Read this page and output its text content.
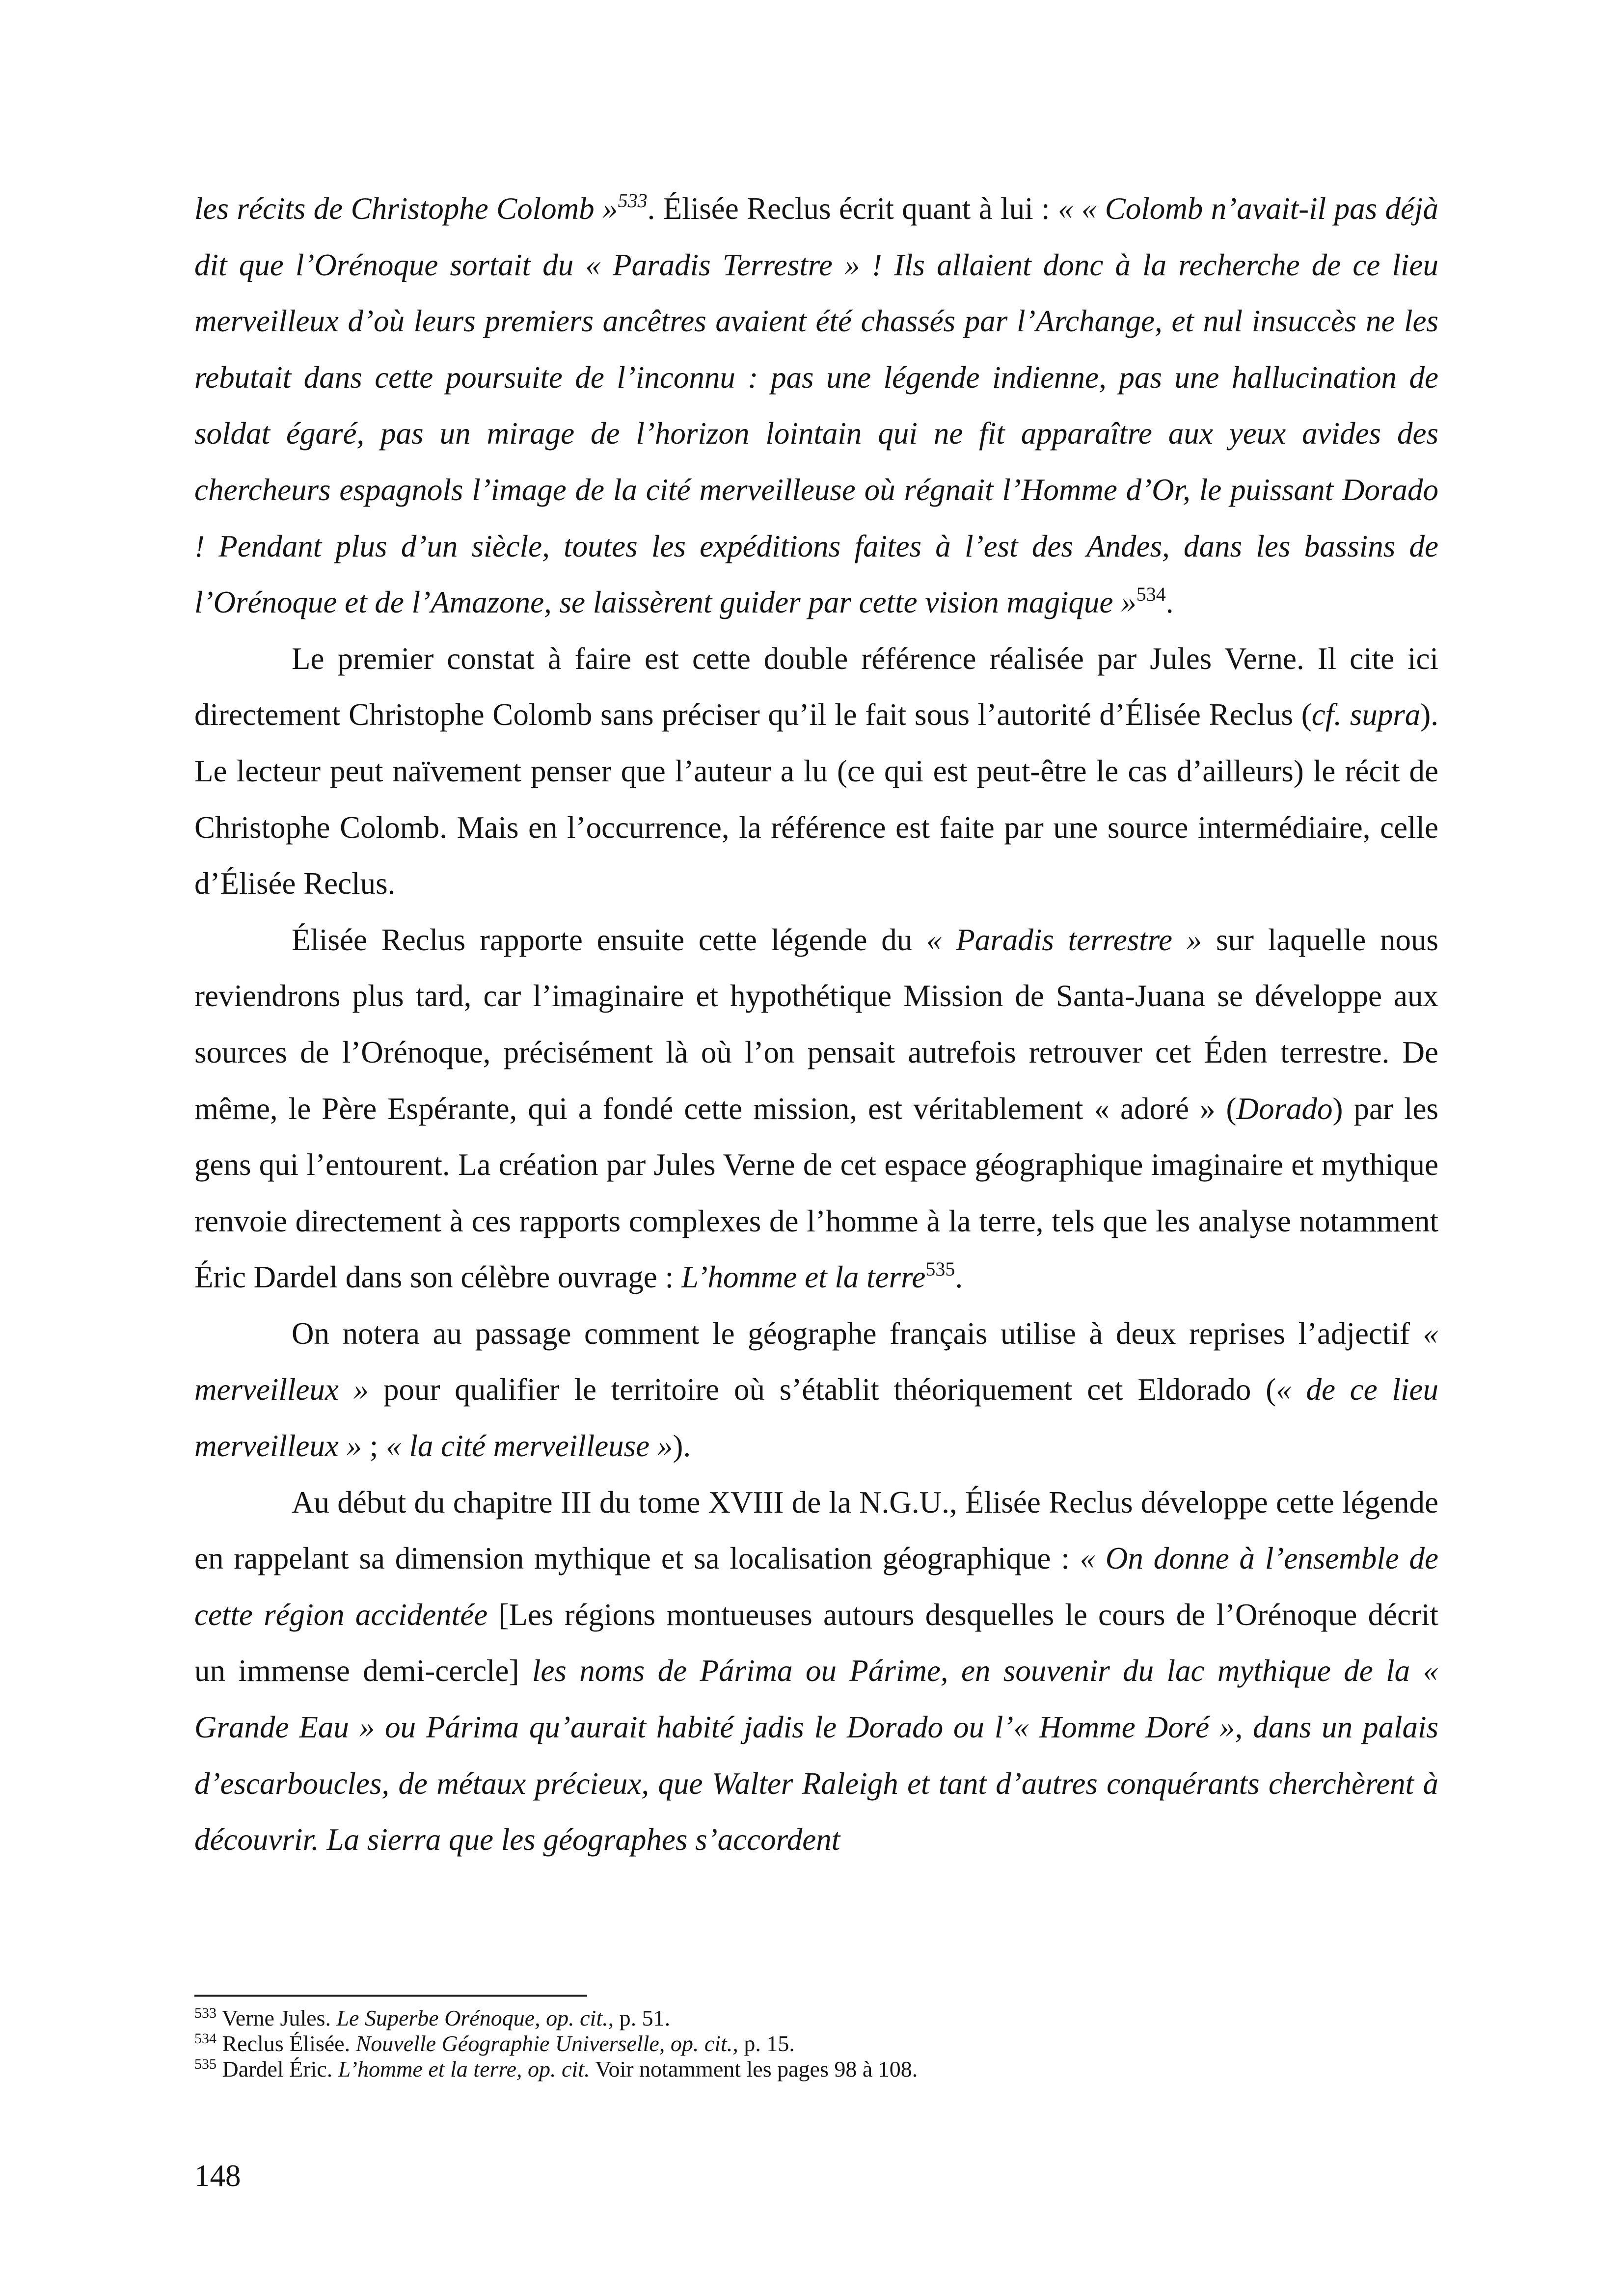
les récits de Christophe Colomb »$^{533}$. Élisée Reclus écrit quant à lui : « « Colomb n’avait-il pas déjà dit que l’Orénoque sortait du « Paradis Terrestre » ! Ils allaient donc à la recherche de ce lieu merveilleux d’où leurs premiers ancêtres avaient été chassés par l’Archange, et nul insuccès ne les rebutait dans cette poursuite de l’inconnu : pas une légende indienne, pas une hallucination de soldat égaré, pas un mirage de l’horizon lointain qui ne fit apparaître aux yeux avides des chercheurs espagnols l’image de la cité merveilleuse où régnait l’Homme d’Or, le puissant Dorado ! Pendant plus d’un siècle, toutes les expéditions faites à l’est des Andes, dans les bassins de l’Orénoque et de l’Amazone, se laissèrent guider par cette vision magique »$^{534}$.

Le premier constat à faire est cette double référence réalisée par Jules Verne. Il cite ici directement Christophe Colomb sans préciser qu’il le fait sous l’autorité d’Élisée Reclus (cf. supra). Le lecteur peut naïvement penser que l’auteur a lu (ce qui est peut-être le cas d’ailleurs) le récit de Christophe Colomb. Mais en l’occurrence, la référence est faite par une source intermédiaire, celle d’Élisée Reclus.

Élisée Reclus rapporte ensuite cette légende du « Paradis terrestre » sur laquelle nous reviendrons plus tard, car l’imaginaire et hypothétique Mission de Santa-Juana se développe aux sources de l’Orénoque, précisément là où l’on pensait autrefois retrouver cet Éden terrestre. De même, le Père Espérante, qui a fondé cette mission, est véritablement « adoré » (Dorado) par les gens qui l’entourent. La création par Jules Verne de cet espace géographique imaginaire et mythique renvoie directement à ces rapports complexes de l’homme à la terre, tels que les analyse notamment Éric Dardel dans son célèbre ouvrage : L’homme et la terre$^{535}$.

On notera au passage comment le géographe français utilise à deux reprises l’adjectif « merveilleux » pour qualifier le territoire où s’établit théoriquement cet Eldorado (« de ce lieu merveilleux » ; « la cité merveilleuse »).

Au début du chapitre III du tome XVIII de la N.G.U., Élisée Reclus développe cette légende en rappelant sa dimension mythique et sa localisation géographique : « On donne à l’ensemble de cette région accidentée [Les régions montueuses autours desquelles le cours de l’Orénoque décrit un immense demi-cercle] les noms de Párima ou Párime, en souvenir du lac mythique de la « Grande Eau » ou Párima qu’aurait habité jadis le Dorado ou l’« Homme Doré », dans un palais d’escarboucles, de métaux précieux, que Walter Raleigh et tant d’autres conquérants cherchèrent à découvrir. La sierra que les géographes s’accordent

$^{533}$ Verne Jules. Le Superbe Orénoque, op. cit., p. 51.

$^{534}$ Reclus Élisée. Nouvelle Géographie Universelle, op. cit., p. 15.

$^{535}$ Dardel Éric. L’homme et la terre, op. cit. Voir notamment les pages 98 à 108.

148
